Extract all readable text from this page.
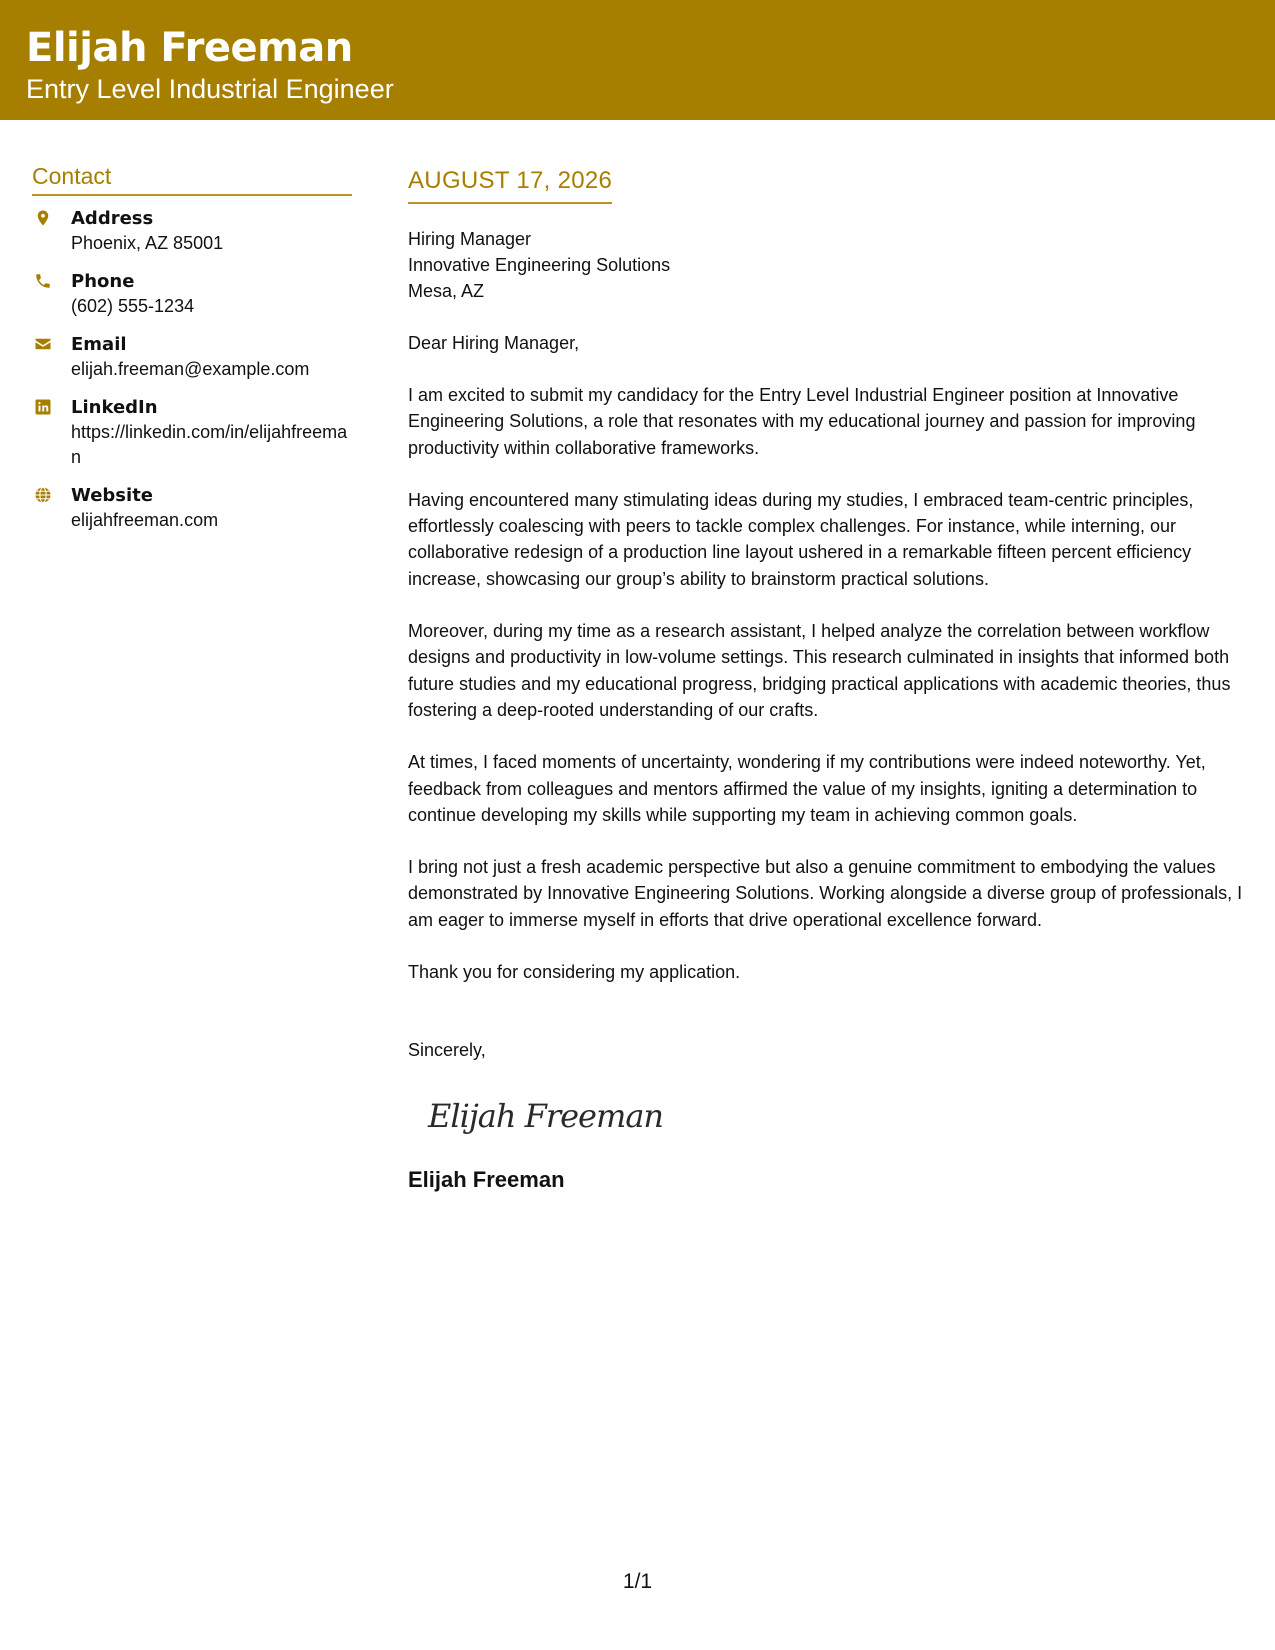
Elijah Freeman
Entry Level Industrial Engineer
Contact
Address
Phoenix, AZ 85001
Phone
(602) 555-1234
Email
elijah.freeman@example.com
LinkedIn
https://linkedin.com/in/elijahfreeman
Website
elijahfreeman.com
AUGUST 17, 2026
Hiring Manager
Innovative Engineering Solutions
Mesa, AZ
Dear Hiring Manager,

I am excited to submit my candidacy for the Entry Level Industrial Engineer position at Innovative Engineering Solutions, a role that resonates with my educational journey and passion for improving productivity within collaborative frameworks.

Having encountered many stimulating ideas during my studies, I embraced team-centric principles, effortlessly coalescing with peers to tackle complex challenges. For instance, while interning, our collaborative redesign of a production line layout ushered in a remarkable fifteen percent efficiency increase, showcasing our group’s ability to brainstorm practical solutions.

Moreover, during my time as a research assistant, I helped analyze the correlation between workflow designs and productivity in low-volume settings. This research culminated in insights that informed both future studies and my educational progress, bridging practical applications with academic theories, thus fostering a deep-rooted understanding of our crafts.

At times, I faced moments of uncertainty, wondering if my contributions were indeed noteworthy. Yet, feedback from colleagues and mentors affirmed the value of my insights, igniting a determination to continue developing my skills while supporting my team in achieving common goals.

I bring not just a fresh academic perspective but also a genuine commitment to embodying the values demonstrated by Innovative Engineering Solutions. Working alongside a diverse group of professionals, I am eager to immerse myself in efforts that drive operational excellence forward.

Thank you for considering my application.

Sincerely,
Elijah Freeman
Elijah Freeman
1/1
